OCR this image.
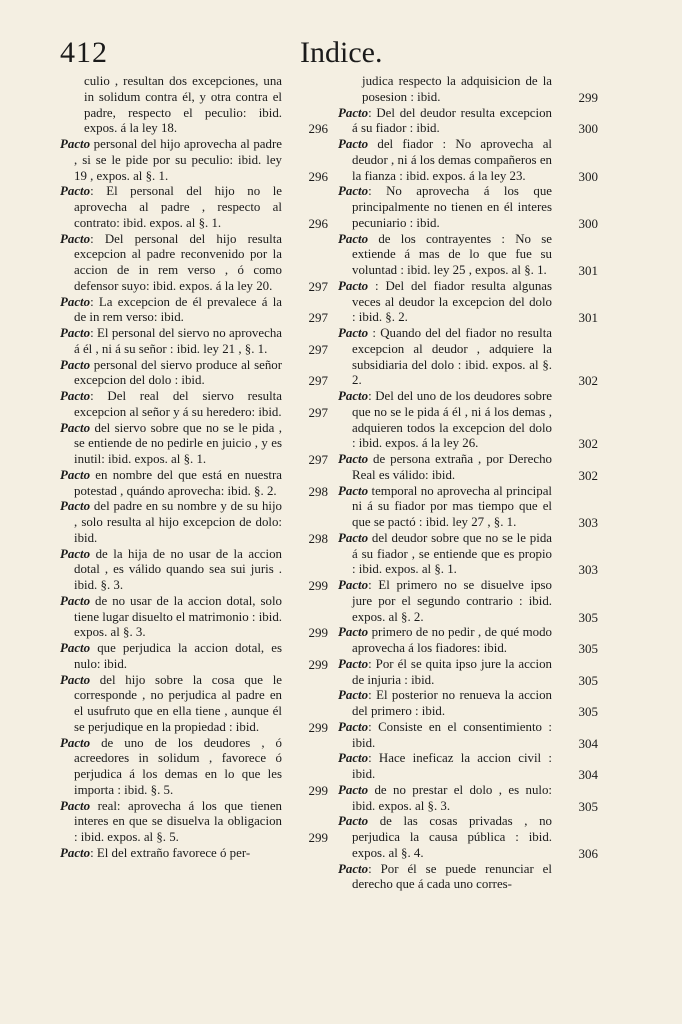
412	Indice.

culio , resultan dos excepciones, una in solidum contra él, y otra contra el padre, respecto el peculio: ibid. expos. á la ley 18.	296

Pacto personal del hijo aprovecha al padre , si se le pide por su peculio: ibid. ley 19 , expos. al §. 1.	296

Pacto: El personal del hijo no le aprovecha al padre , respecto al contrato: ibid. expos. al §. 1.	296

Pacto: Del personal del hijo resulta excepcion al padre reconvenido por la accion de in rem verso , ó como defensor suyo: ibid. expos. á la ley 20.	297

Pacto: La excepcion de él prevalece á la de in rem verso: ibid.	297

Pacto: El personal del siervo no aprovecha á él , ni á su señor : ibid. ley 21 , §. 1.	297

Pacto personal del siervo produce al señor excepcion del dolo : ibid.	297

Pacto: Del real del siervo resulta excepcion al señor y á su heredero: ibid. 297

Pacto del siervo sobre que no se le pida , se entiende de no pedirle en juicio , y es inutil: ibid. expos. al §. 1.	297

Pacto en nombre del que está en nuestra potestad , quándo aprovecha: ibid. §. 2. 298

Pacto del padre en su nombre y de su hijo , solo resulta al hijo excepcion de dolo: ibid.	298

Pacto de la hija de no usar de la accion dotal , es válido quando sea sui juris . ibid. §. 3.	299

Pacto de no usar de la accion dotal, solo tiene lugar disuelto el matrimonio : ibid. expos. al §. 3.	299

Pacto que perjudica la accion dotal, es nulo: ibid.	299

Pacto del hijo sobre la cosa que le corresponde , no perjudica al padre en el usufruto que en ella tiene , aunque él se perjudique en la propiedad : ibid.	299

Pacto de uno de los deudores , ó acreedores in solidum , favorece ó perjudica á los demas en lo que les importa : ibid. §. 5.	299

Pacto real: aprovecha á los que tienen interes en que se disuelva la obligacion : ibid. expos. al §. 5.	299

Pacto: El del extraño favorece ó per-

judica respecto la adquisicion de la posesion : ibid.	299

Pacto: Del del deudor resulta excepcion á su fiador : ibid.	300

Pacto del fiador : No aprovecha al deudor , ni á los demas compañeros en la fianza : ibid. expos. á la ley 23.	300

Pacto: No aprovecha á los que principalmente no tienen en él interes pecuniario : ibid.	300

Pacto de los contrayentes : No se extiende á mas de lo que fue su voluntad : ibid. ley 25 , expos. al §. 1. 301

Pacto : Del del fiador resulta algunas veces al deudor la excepcion del dolo : ibid. §. 2.	301

Pacto : Quando del del fiador no resulta excepcion al deudor , adquiere la subsidiaria del dolo : ibid. expos. al §. 2.	302

Pacto: Del del uno de los deudores sobre que no se le pida á él , ni á los demas , adquieren todos la excepcion del dolo : ibid. expos. á la ley 26.	302

Pacto de persona extraña , por Derecho Real es válido: ibid.	302

Pacto temporal no aprovecha al principal ni á su fiador por mas tiempo que el que se pactó : ibid. ley 27 , §. 1.	303

Pacto del deudor sobre que no se le pida á su fiador , se entiende que es propio : ibid. expos. al §. 1.	303

Pacto: El primero no se disuelve ipso jure por el segundo contrario : ibid. expos. al §. 2.	305

Pacto primero de no pedir , de qué modo aprovecha á los fiadores: ibid.	305

Pacto: Por él se quita ipso jure la accion de injuria : ibid.	305

Pacto: El posterior no renueva la accion del primero : ibid.	305

Pacto: Consiste en el consentimiento : ibid.	304

Pacto: Hace ineficaz la accion civil : ibid.	304

Pacto de no prestar el dolo , es nulo: ibid. expos. al §. 3.	305

Pacto de las cosas privadas , no perjudica la causa pública : ibid. expos. al §. 4.	306

Pacto: Por él se puede renunciar el derecho que á cada uno corres-
